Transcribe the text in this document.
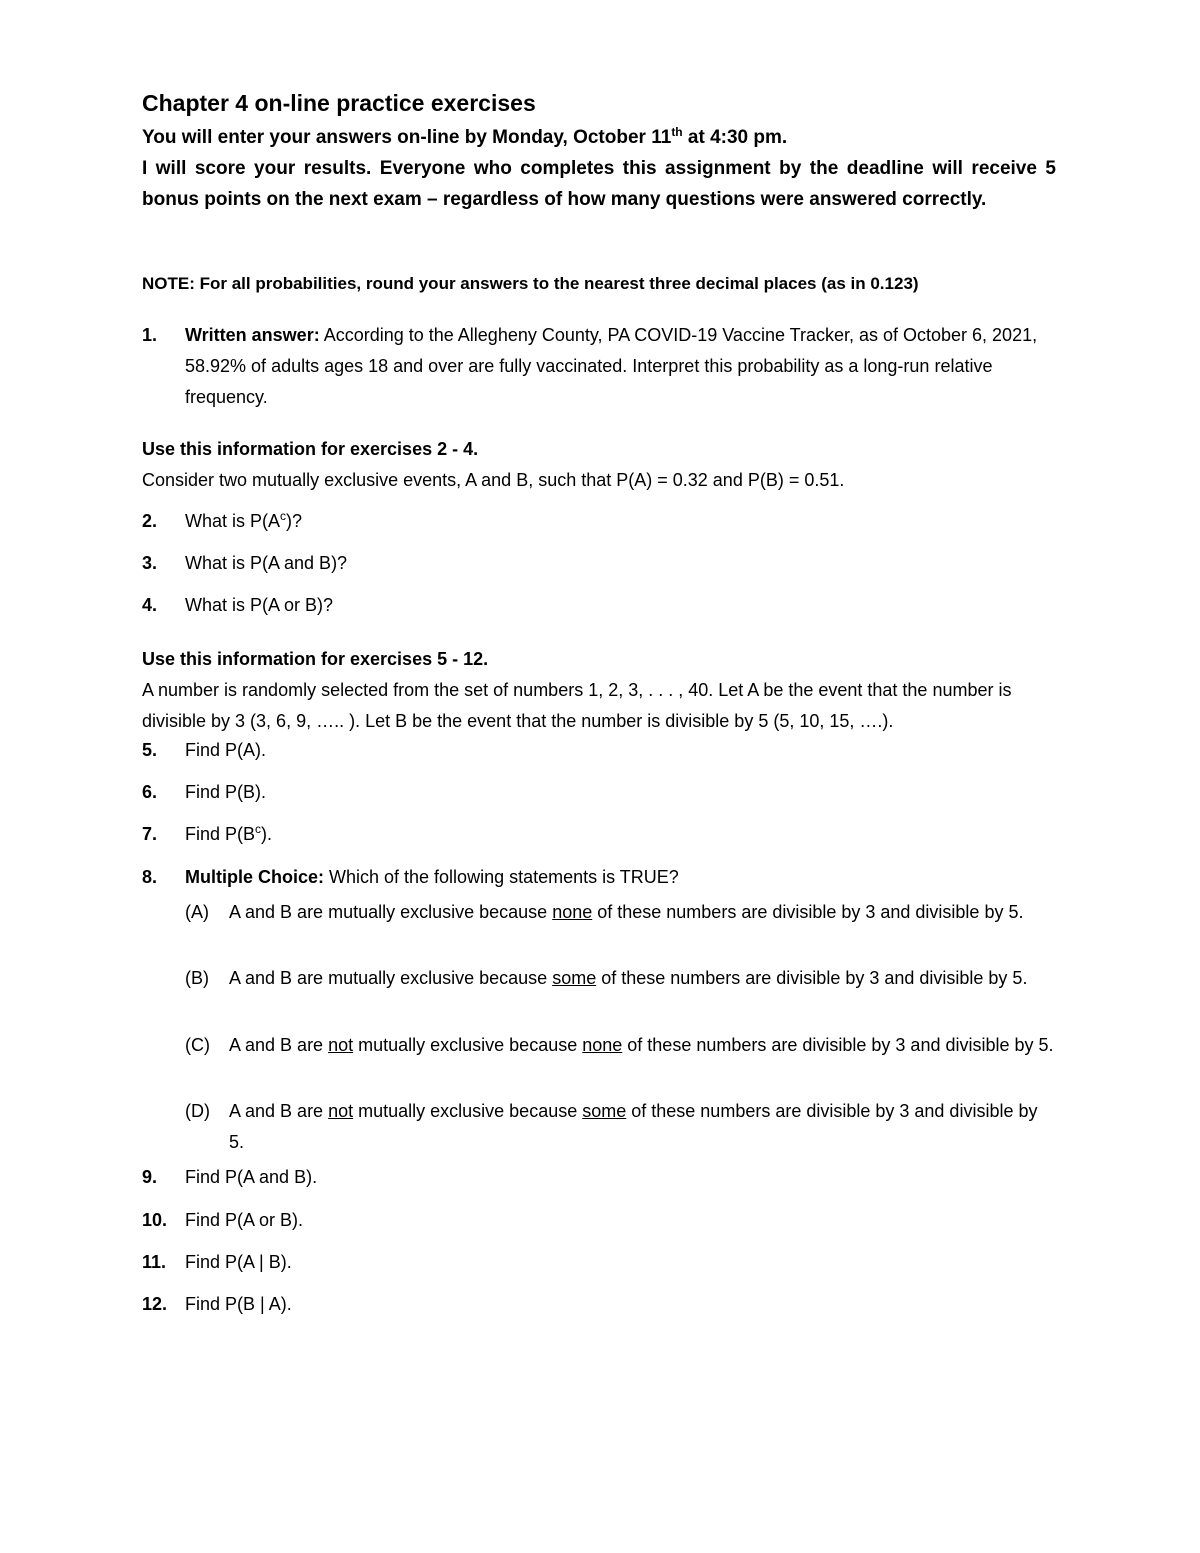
Chapter 4 on-line practice exercises

You will enter your answers on-line by Monday, October 11th at 4:30 pm.

I will score your results. Everyone who completes this assignment by the deadline will receive 5 bonus points on the next exam – regardless of how many questions were answered correctly.

NOTE: For all probabilities, round your answers to the nearest three decimal places (as in 0.123)
1. Written answer: According to the Allegheny County, PA COVID-19 Vaccine Tracker, as of October 6, 2021, 58.92% of adults ages 18 and over are fully vaccinated. Interpret this probability as a long-run relative frequency.
Use this information for exercises 2 - 4.
Consider two mutually exclusive events, A and B, such that P(A) = 0.32 and P(B) = 0.51.
2. What is $P(A^c)$?
3. What is P(A and B)?
4. What is P(A or B)?
Use this information for exercises 5 - 12.
A number is randomly selected from the set of numbers 1, 2, 3, . . . , 40. Let A be the event that the number is divisible by 3 (3, 6, 9, ….. ). Let B be the event that the number is divisible by 5 (5, 10, 15, ….).
5. Find P(A).
6. Find P(B).
7. Find $P(B^c)$.
8. Multiple Choice: Which of the following statements is TRUE?
(A) A and B are mutually exclusive because none of these numbers are divisible by 3 and divisible by 5.
(B) A and B are mutually exclusive because some of these numbers are divisible by 3 and divisible by 5.
(C) A and B are not mutually exclusive because none of these numbers are divisible by 3 and divisible by 5.
(D) A and B are not mutually exclusive because some of these numbers are divisible by 3 and divisible by 5.
9. Find P(A and B).
10. Find P(A or B).
11. Find P(A | B).
12. Find P(B | A).
